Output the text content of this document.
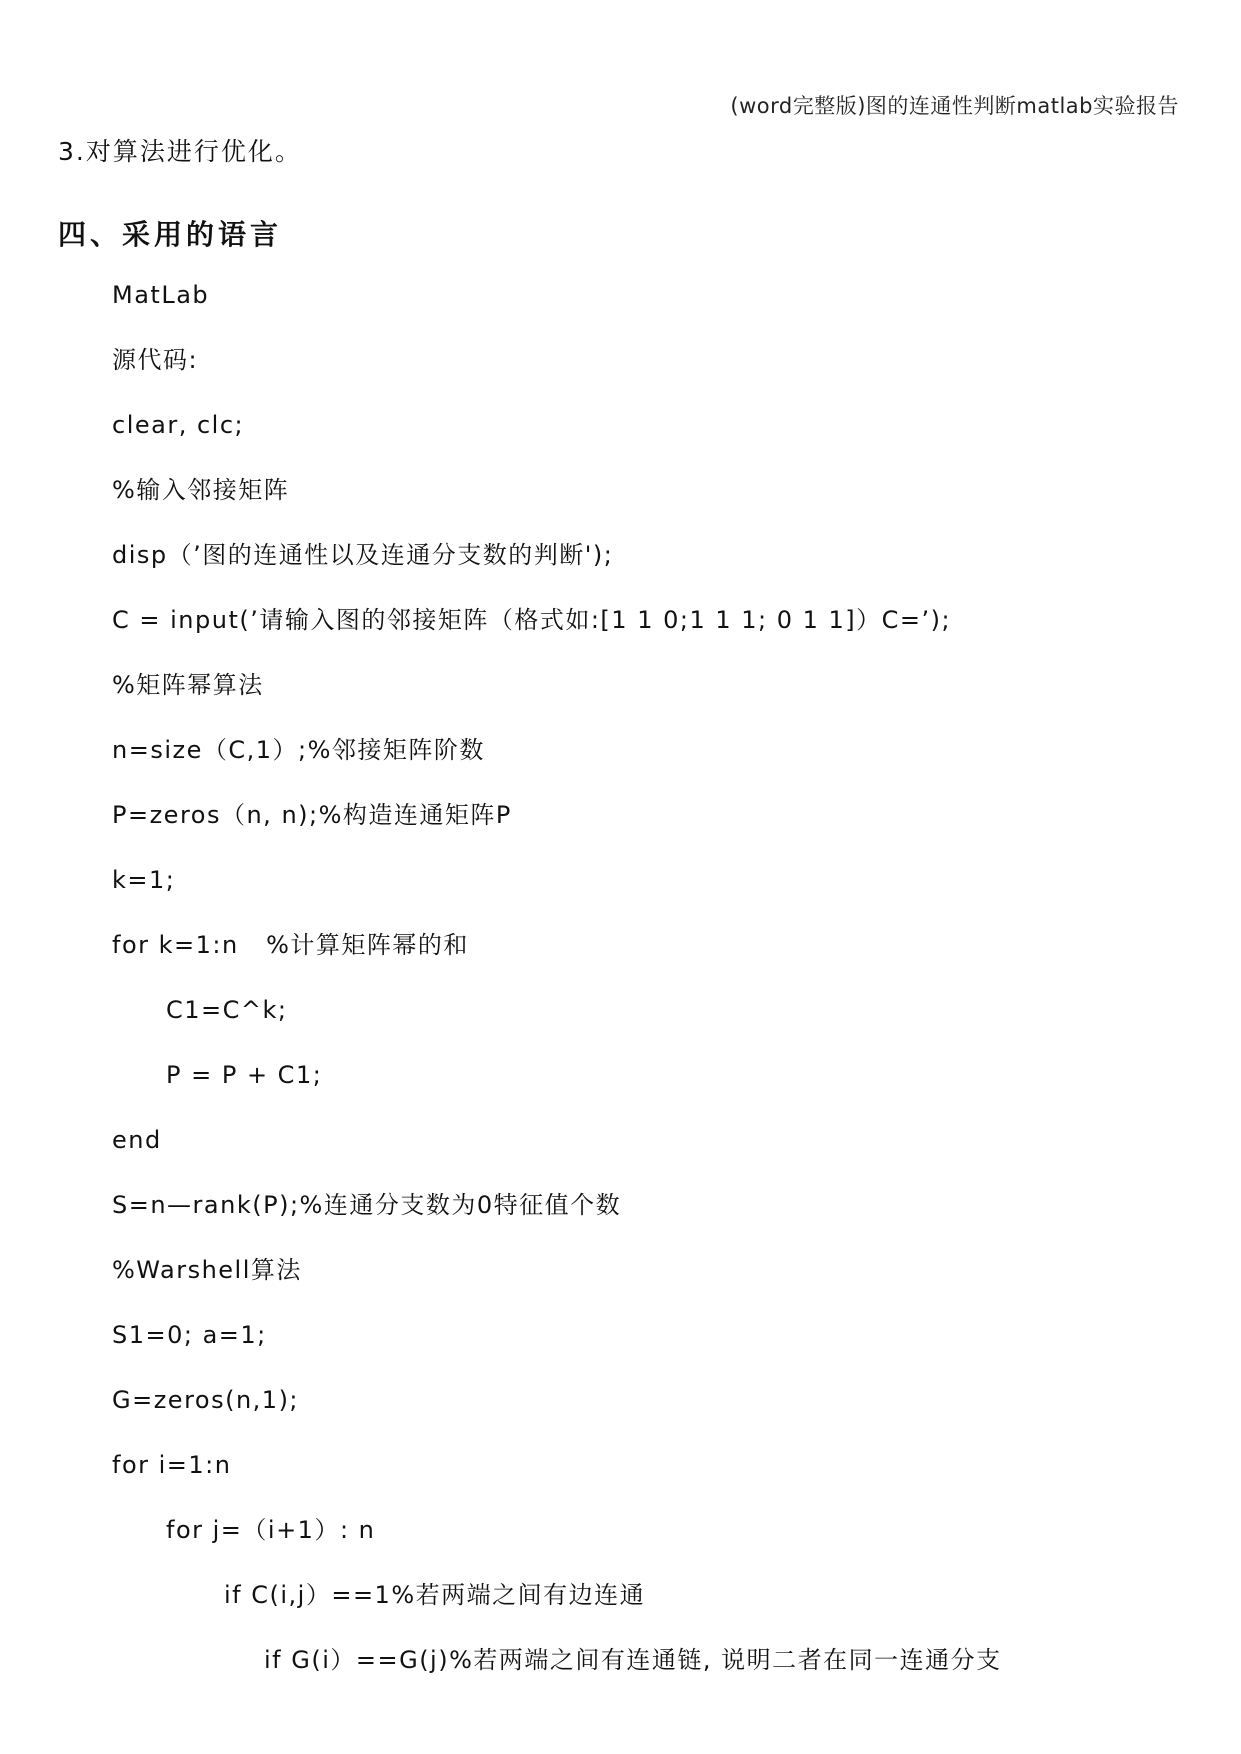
(word完整版)图的连通性判断matlab实验报告
3.对算法进行优化。
四、采用的语言
MatLab
源代码:
clear, clc;
%输入邻接矩阵
disp（’图的连通性以及连通分支数的判断');
C = input(’请输入图的邻接矩阵（格式如:[1 1 0;1 1 1; 0 1 1]）C=’);
%矩阵幂算法
n=size（C,1）;%邻接矩阵阶数
P=zeros（n, n);%构造连通矩阵P
k=1;
for k=1:n   %计算矩阵幂的和
C1=C^k;
P = P + C1;
end
S=n—rank(P);%连通分支数为0特征值个数
%Warshell算法
S1=0; a=1;
G=zeros(n,1);
for i=1:n
for j=（i+1）: n
if C(i,j）==1%若两端之间有边连通
if G(i）==G(j)%若两端之间有连通链, 说明二者在同一连通分支
